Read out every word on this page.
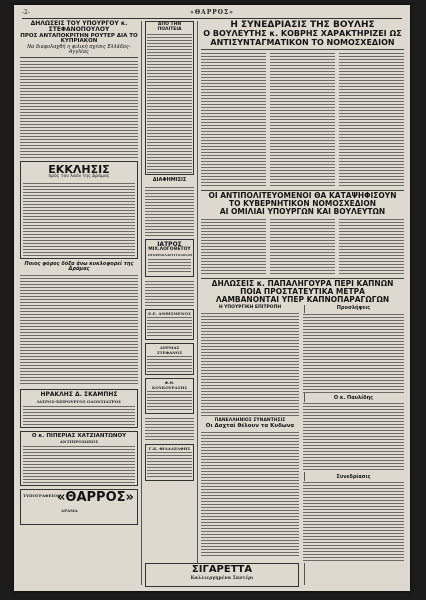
-2-	«ΘΑΡΡΟΣ»
ΔΗΛΩΣΕΙΣ ΤΟΥ ΥΠΟΥΡΓΟΥ κ. ΣΤΕΦΑΝΟΠΟΥΛΟΥ
ΠΡΟΣ ΑΝΤΑΠΟΚΡΙΤΗΝ ΡΟΥΤΕΡ ΔΙΑ ΤΟ ΚΥΠΡΙΑΚΟΝ
Να διαφυλαχθή η φιλική σχέσις Ελλάδος-Αγγλίας
ΕΚΚΛΗΣΙΣ
πρός τον λαόν της Δράμας
Ποιος φόρος δόξα άνω κυκλοφορεί της Δράμας
ΗΡΑΚΛΗΣ Δ. ΣΚΑΜΠΗΣ
ΙΑΤΡΟΣ-ΧΕΙΡΟΥΡΓΟΣ ΟΔΟΝΤΙΑΤΡΟΣ
Ο κ. ΠΙΠΕΡΙΑΣ ΧΑΤΖΙΑΝΤΩΝΟΥ
ΑΝΤΙΠΡΟΣΩΠΟΣ
ΤΥΠΟΓΡΑΦΕΙΟΝ
«ΘΑΡΡΟΣ»
ΔΡΑΜΑ
ΑΠΟ ΤΗΝ ΠΟΛΙΤΕΙΑ
ΔΙΑΦΗΜΙΣΙΣ
ΙΑΤΡΟΣ
ΜΙΧ.ΛΟΓΟΘΕΤΟΥ
ΩΤΟΡΙΝΟΛΑΡΥΓΓΟΛΟΓΟΣ
Ε.Ε. ΑΝΘΙΣΜΕΝΟΣ
ΔΕΡΜΑΣ ΣΤΕΦΑΝΟΣ
Φ.Θ. ΚΟΥΚΟΥΡΑΣΗΣ
Γ.Κ. ΦΙΛΑΔΕΛΦΗΣ
Η ΣΥΝΕΔΡΙΑΣΙΣ ΤΗΣ ΒΟΥΛΗΣ
Ο ΒΟΥΛΕΥΤΗΣ κ. ΚΟΒΡΗΣ ΧΑΡΑΚΤΗΡΙΖΕΙ ΩΣ
ΑΝΤΙΣΥΝΤΑΓΜΑΤΙΚΟΝ ΤΟ ΝΟΜΟΣΧΕΔΙΟΝ
ΟΙ ΑΝΤΙΠΟΛΙΤΕΥΟΜΕΝΟΙ ΘΑ ΚΑΤΑΨΗΦΙΣΟΥΝ
ΤΟ ΚΥΒΕΡΝΗΤΙΚΟΝ ΝΟΜΟΣΧΕΔΙΟΝ
ΑΙ ΟΜΙΛΙΑΙ ΥΠΟΥΡΓΩΝ ΚΑΙ ΒΟΥΛΕΥΤΩΝ
ΔΗΛΩΣΕΙΣ κ. ΠΑΠΑΛΗΓΟΥΡΑ ΠΕΡΙ ΚΑΠΝΩΝ
ΠΟΙΑ ΠΡΟΣΤΑΤΕΥΤΙΚΑ ΜΕΤΡΑ
ΛΑΜΒΑΝΟΝΤΑΙ ΥΠΕΡ ΚΑΠΝΟΠΑΡΑΓΩΓΩΝ
Η ΥΠΟΥΡΓΙΚΗ ΕΠΙΤΡΟΠΗ
ΠΑΝΕΛΛΗΝΙΟΣ ΣΥΝΑΝΤΗΣΙΣ
Οι Δαχταί θέλουν τα Κυδωνα
Προσλήψεις
Ο κ. Παυλίδης
Συνεδρίασις
ΣΙΓΑΡΕΤΤΑ
Καλλιεργημένα Σαντέρι
